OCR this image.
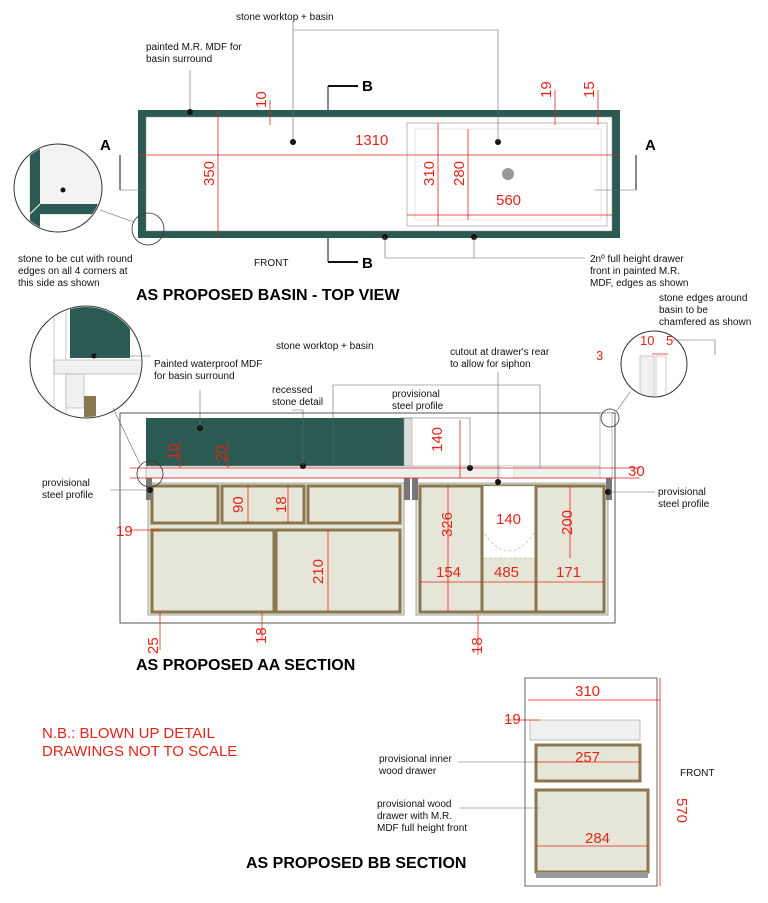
A	A
B
B
1310
350	310 280
560
10
19 15
stone worktop + basin
painted M.R. MDF for
basin surround
2nº full height drawer
front in painted M.R.
MDF, edges as shown
FRONT
stone to be cut with round
edges on all 4 corners at
this side as shown
AS PROPOSED BASIN - TOP VIEW
10 20
90 18
19
210
25
18
18
140
30
326	140	200
154 485 171
stone worktop + basin
Painted waterproof MDF
for basin surround
recessed
stone detail
provisional
steel profile
cutout at drawer's rear
to allow for siphon
provisional
steel profile	provisional
steel profile
stone edges around
basin to be
chamfered as shown
3
10 5
AS PROPOSED AA SECTION
310
19
257
284
570
provisional inner
wood drawer
provisional wood
drawer with M.R.
MDF full height front
FRONT
AS PROPOSED BB SECTION
N.B.: BLOWN UP DETAIL
DRAWINGS NOT TO SCALE
